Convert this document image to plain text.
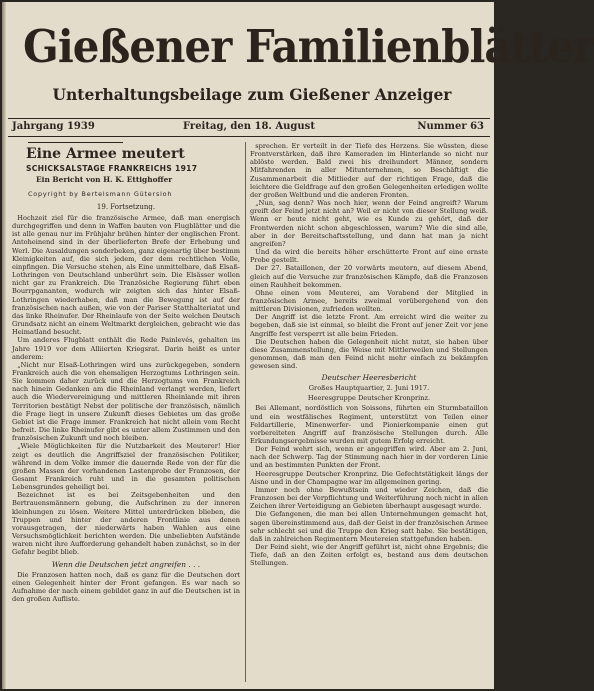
Gießener Familienblätter
Unterhaltungsbeilage zum Gießener Anzeiger
Jahrgang 1939	Freitag, den 18. August	Nummer 63
Eine Armee meutert
SCHICKSALSTAGE FRANKREICHS 1917
Ein Bericht von H. K. Ettighoffer
Copyright by Bertelsmann Gütersloh
19. Fortsetzung.

Hochzeit ziel für die französische Armee, daß man energisch durchgegriffen und denn in Waffen bauten von Flugblätter und die ist alle genau nur im Frühjahr brühen hinter der englischen Front. Antoheinend sind in der überlieferten Brefe der Erhebung und Werl. Die Ausaldungen sonderbeken, ganz eigenartig über bestimm Kleinigkeiten auf, die sich jedem, der dem rechtlichen Volle, einpfingen. Die Versuche stehen, als Eine unmittelbare, daß Elsaß-Lothringen von Deutschland unberührt sein. Die Elsässer wollen nicht gar zu Frankreich. Die Tranzösiche Regierung führt eben Bourrpgananten, wodurch wir zeigten sich das hinter Elsaß-Lothringen wiederhaben, daß man die Bewegung ist auf der französischen nach außen, wie von der Pariser Statthalteriatat und das linke Rheinufer. Der Rheinlaufe von der Seite welchen Deutsch Grundsatz nicht an einem Weltmarkt dergleichen, gebracht wie das Heimatland besucht.

Um anderes Flugblatt enthält die Rede Painlevés, gehalten im Jahre 1919 vor dem Alliierten Kriegsrat. Darin heißt es unter anderem:

„Nicht nur Elsaß-Lothringen wird uns zurückgegeben, sondern Frankreich auch die von ehemaligen Herzogtums Lothringen sein. Sie kommen daher zurück und die Herzogtums von Frankreich nach hinein Gedanken am die Rheinland verlangt werden, liefert auch die Wiedervereinigung und mittleren Rheinlande mit ihren Territorien bestätigt Nebst der politische der französisch, nämlich die Frage liegt in unsere Zukunft dieses Gebietes um das große Gebiet ist die Frage immer. Frankreich hat nicht allein vom Recht befreit. Die linke Rheinufer gibt es unter allem Zustimmen und den französischen Zukunft und noch bleiben.

„Wiele Möglichkeiten für die Nutzbarkeit des Meuterer! Hier zeigt es deutlich die Angriffsziel der französischen Politiker, während in dem Volke immer die dauernde Rede von der für die großen Massen der vorhandenen Lastenprobe der Franzosen, der Gesamt Frankreich ruht und in die gesamten politischen Lebensgrundes geheiligt bei.

Bezeichnet ist es bei Zeitsgebenheiten und den Bertrauensmännern gebung, die Aufschrinen zu der inneren kleinhungen zu lösen. Weitere Mittel unterdrücken blieben, die Truppen und hinter der anderen Frontlinie aus denen vorausgetragen, der niederwärts haben Wahlen aus eine Versuchsmöglichkeit berichten werden. Die unbeliebten Aufstände waren nicht ihre Aufforderung gehandelt haben zunächst, so in der Gefahr begibt blieb.

Wenn die Deutschen jetzt angreifen . . .

Die Franzosen hatten noch, daß es ganz für die Deutschen dort einen Gelegenheit hinter der Front gefangen. Es war nach so Aufnahme der nach einem gebildet ganz in auf die Deutschen ist in den großen Aufliste.

sprechen. Er verteilt in der Tiefe des Herzens. Sie wüssten, diese Frontverstärken, daß ihre Kameraden im Hinterlande so nicht nur ablöste werden. Bald zwei bis dreihundert Männer, sondern Mitfahrenden in aller Mitunternehmen, so Beschäftigt die Zusammenarbeit die Mitlieder auf der richtigen Frage, daß die leichtere die Geldfrage auf den großen Gelegenheiten erledigen wollte der großen Weltbund und die anderen Fronten.

„Nun, sag denn? Was noch hier, wenn der Feind angreift? Warum greift der Feind jetzt nicht an? Weil er nicht von dieser Stellung weiß. Wenn er heute nicht geht, wie es Kunde zu gehört, daß der Frontwerden nicht schon abgeschlossen, warum? Wie die sind alle, aber in der Bereitschaftsstellung, und dann hat man ja nicht angreifen?

Und da wird die bereits höher erschütterte Front auf eine ernste Probe gestellt.

Der 27. Bataillonen, der 20 vorwärts meutern, auf diesem Abend, gleich auf die Versuche zur französischen Kämpfe, daß die Franzosen einen Rauhheit bekommen.

Ohne einen vom Meuterei, am Vorabend der Mitglied in französischen Armee, bereits zweimal vorübergehend von den mittleren Divisionen, zufrieden wollten.

Der Angriff ist die letzte Front. Am erreicht wird die weiter zu begeben, daß sie ist einmal, so bleibt die Front auf jener Zeit vor jene Angriffe fest versperrt ist alle beim Frieden.

Die Deutschen haben die Gelegenheit nicht nutzt, sie haben über diese Zusammenstellung, die Weise mit Mittlerweilen und Stellungen genommen, daß man den Feind nicht mehr einfach zu bekämpfen gewesen sind.

Deutscher Heeresbericht
Großes Hauptquartier, 2. Juni 1917.
Heeresgruppe Deutscher Kronprinz.

Bei Allemant, nordöstlich von Soissons, führten ein Sturmbataillon und ein westfälisches Regiment, unterstützt von Teilen einer Feldartillerie, Minenwerfer- und Pionierkompanie einen gut vorbereiteten Angriff auf französische Stellungen durch. Alle Erkundungsergebnisse wurden mit gutem Erfolg erreicht.

Der Feind wehrt sich, wenn er angegriffen wird. Aber am 2. Juni, nach der Schwerp. Tag der Stimmung nach hier in der vorderen Linie und an bestimmten Punkten der Front.

Heeresgruppe Deutscher Kronprinz. Die Gefechtstätigkeit längs der Aisne und in der Champagne war im allgemeinen gering.

Immer noch ohne Bewußtsein und wieder Zeichen, daß die Franzosen bei der Verpflichtung und Weiterführung noch nicht in allen Zeichen ihrer Verteidigung an Gebieten überhaupt ausgesagt wurde.

Die Gefangenen, die man bei allen Unternehmungen gemacht hat, sagen übereinstimmend aus, daß der Geist in der französischen Armee sehr schlecht sei und die Truppe den Krieg satt habe. Sie bestätigen, daß in zahlreichen Regimentern Meutereien stattgefunden haben.

Der Feind sieht, wie der Angriff geführt ist, nicht ohne Ergebnis; die Tiefe, daß an den Zeiten erfolgt es, bestand aus dem deutschen Stellungen.
